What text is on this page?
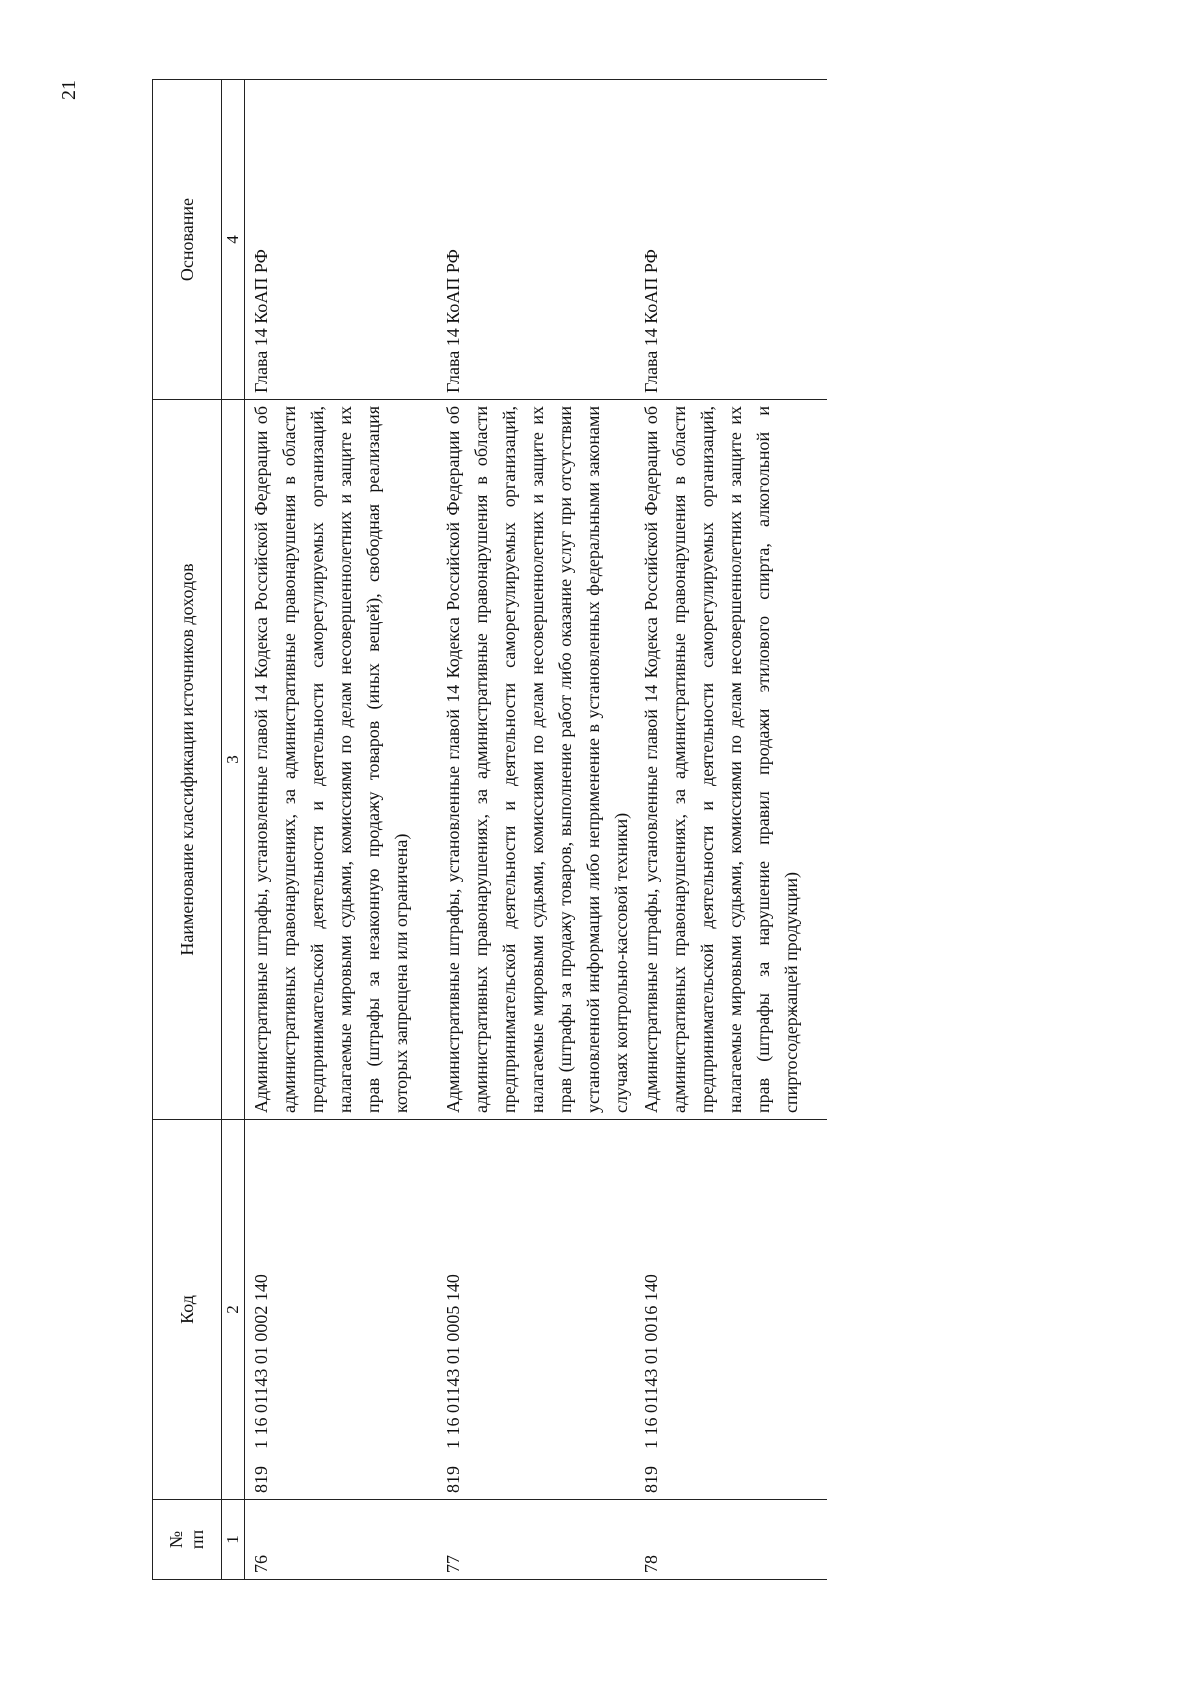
21
№
пп	Код	Наименование классификации источников доходов	Основание
1	2	3	4
76	8191 16 01143 01 0002 140	Административные штрафы, установленные главой 14 Кодекса Российской Федерации об административных правонарушениях, за административные правонарушения в области предпринимательской деятельности и деятельности саморегулируемых организаций, налагаемые мировыми судьями, комиссиями по делам несовершеннолетних и защите их прав (штрафы за незаконную продажу товаров (иных вещей), свободная реализация которых запрещена или ограничена)	Глава 14 КоАП РФ
77	8191 16 01143 01 0005 140	Административные штрафы, установленные главой 14 Кодекса Российской Федерации об административных правонарушениях, за административные правонарушения в области предпринимательской деятельности и деятельности саморегулируемых организаций, налагаемые мировыми судьями, комиссиями по делам несовершеннолетних и защите их прав (штрафы за продажу товаров, выполнение работ либо оказание услуг при отсутствии установленной информации либо неприменение в установленных федеральными законами случаях контрольно-кассовой техники)	Глава 14 КоАП РФ
78	8191 16 01143 01 0016 140	Административные штрафы, установленные главой 14 Кодекса Российской Федерации об административных правонарушениях, за административные правонарушения в области предпринимательской деятельности и деятельности саморегулируемых организаций, налагаемые мировыми судьями, комиссиями по делам несовершеннолетних и защите их прав (штрафы за нарушение правил продажи этилового спирта, алкогольной и спиртосодержащей продукции)	Глава 14 КоАП РФ
